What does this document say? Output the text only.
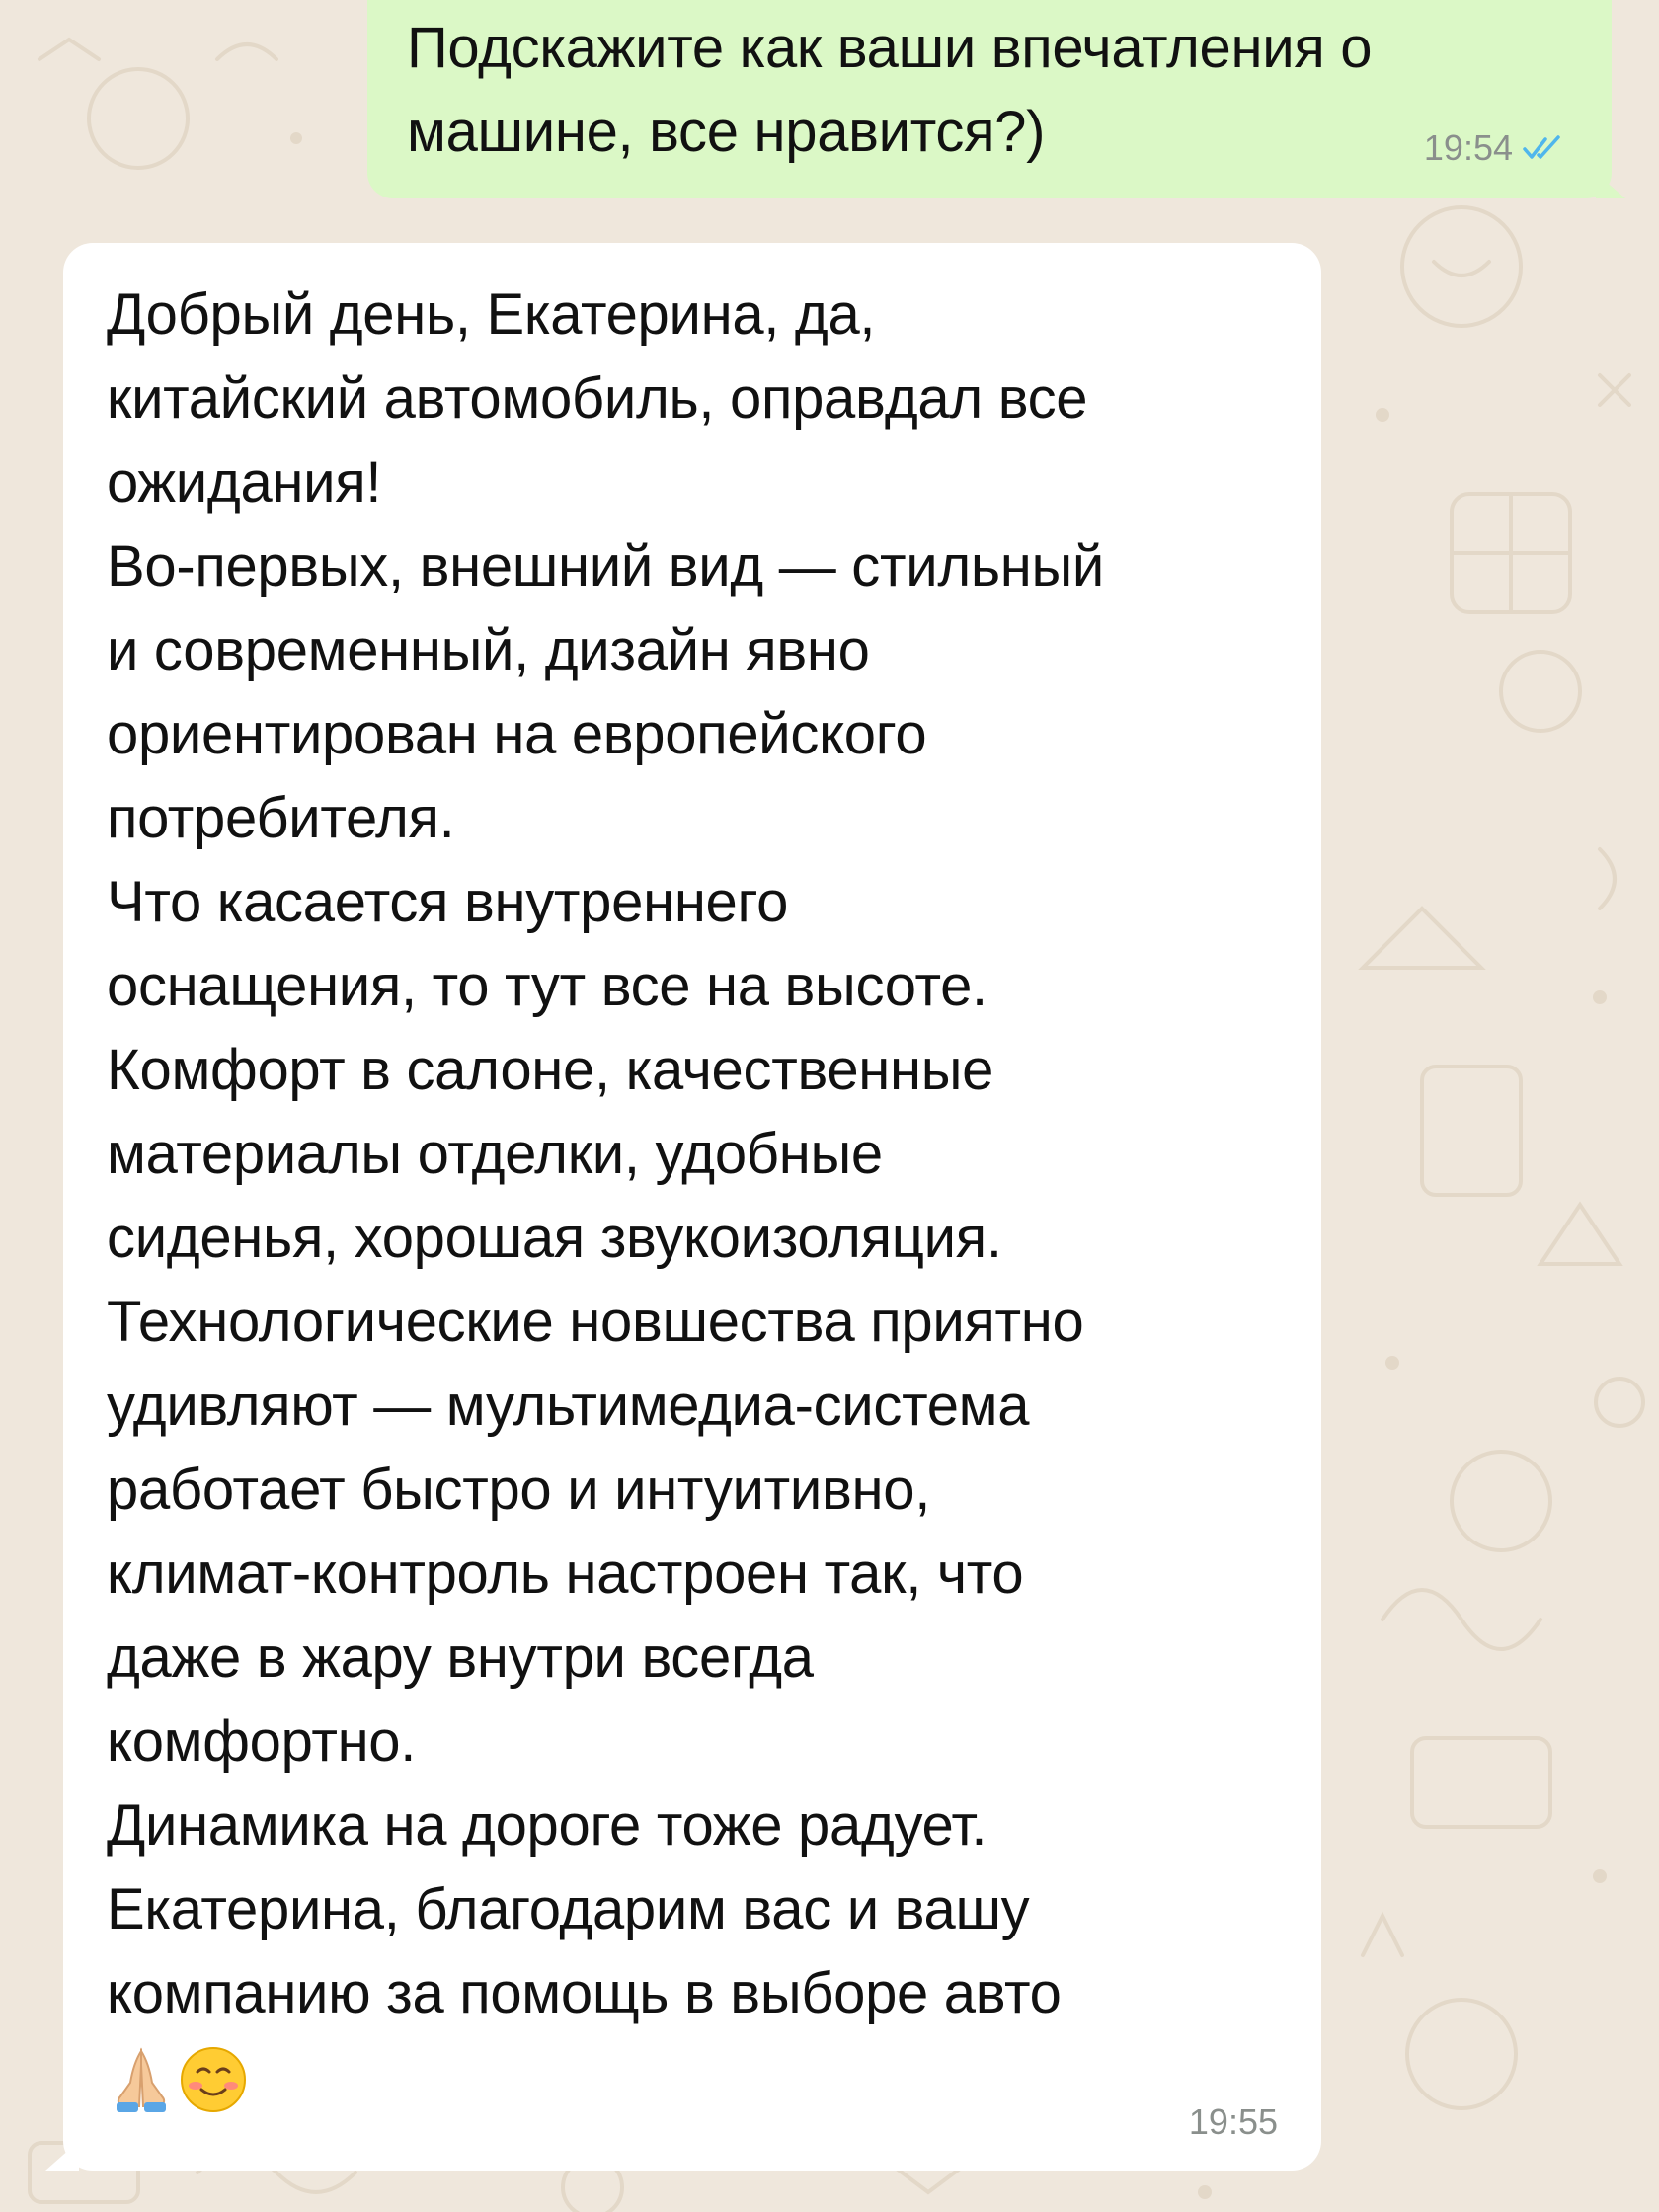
Подскажите как ваши впечатления о
машине, все нравится?)	19:54
Добрый день, Екатерина, да,
китайский автомобиль, оправдал все
ожидания!
Во-первых, внешний вид — стильный
и современный, дизайн явно
ориентирован на европейского
потребителя.
Что касается внутреннего
оснащения, то тут все на высоте.
Комфорт в салоне, качественные
материалы отделки, удобные
сиденья, хорошая звукоизоляция.
Технологические новшества приятно
удивляют — мультимедиа-система
работает быстро и интуитивно,
климат-контроль настроен так, что
даже в жару внутри всегда
комфортно.
Динамика на дороге тоже радует.
Екатерина, благодарим вас и вашу
компанию за помощь в выборе авто
19:55
